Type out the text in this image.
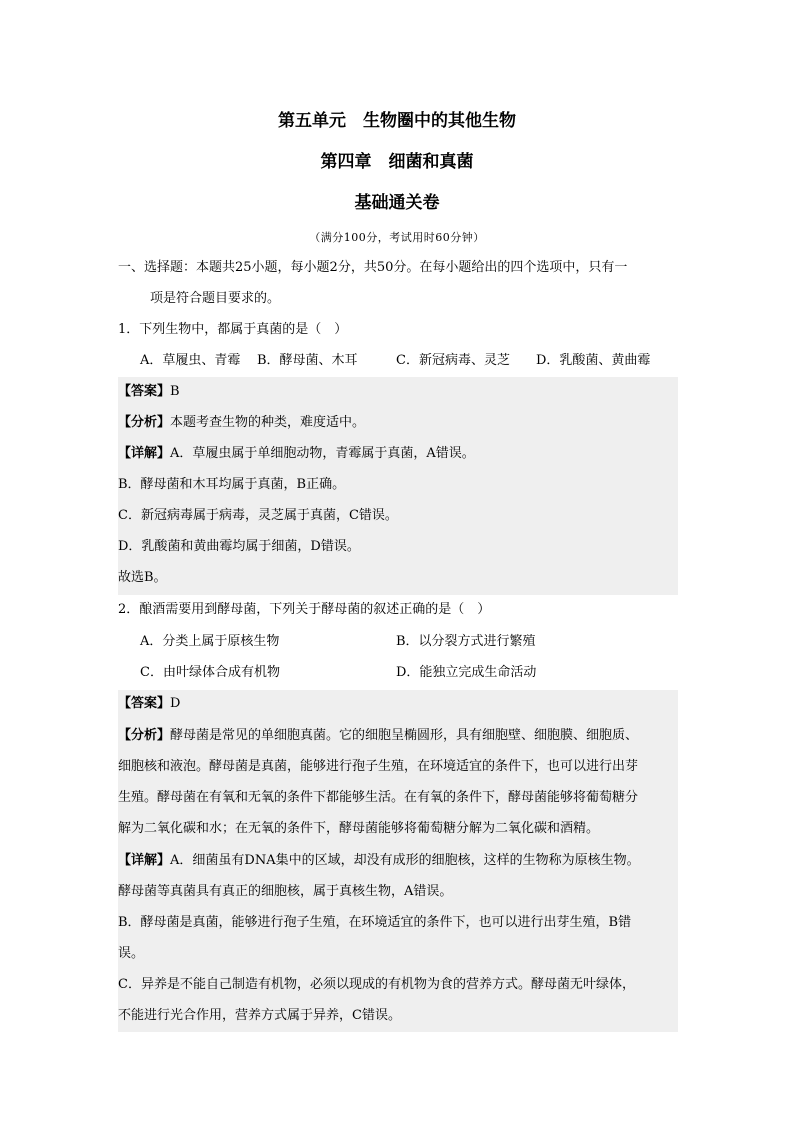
第五单元　生物圈中的其他生物
第四章　细菌和真菌
基础通关卷
（满分100分，考试用时60分钟）
一、选择题：本题共25小题，每小题2分，共50分。在每小题给出的四个选项中，只有一
项是符合题目要求的。
1．下列生物中，都属于真菌的是（　）
A．草履虫、青霉 B．酵母菌、木耳	C．新冠病毒、灵芝 D．乳酸菌、黄曲霉
【答案】B
【分析】本题考查生物的种类，难度适中。
【详解】A．草履虫属于单细胞动物，青霉属于真菌，A错误。
B．酵母菌和木耳均属于真菌，B正确。
C．新冠病毒属于病毒，灵芝属于真菌，C错误。
D．乳酸菌和黄曲霉均属于细菌，D错误。
故选B。
2．酿酒需要用到酵母菌，下列关于酵母菌的叙述正确的是（　）
A．分类上属于原核生物	B．以分裂方式进行繁殖
C．由叶绿体合成有机物	D．能独立完成生命活动
【答案】D
【分析】酵母菌是常见的单细胞真菌。它的细胞呈椭圆形，具有细胞壁、细胞膜、细胞质、
细胞核和液泡。酵母菌是真菌，能够进行孢子生殖，在环境适宜的条件下，也可以进行出芽
生殖。酵母菌在有氧和无氧的条件下都能够生活。在有氧的条件下，酵母菌能够将葡萄糖分
解为二氧化碳和水；在无氧的条件下，酵母菌能够将葡萄糖分解为二氧化碳和酒精。
【详解】A．细菌虽有DNA集中的区域，却没有成形的细胞核，这样的生物称为原核生物。
酵母菌等真菌具有真正的细胞核，属于真核生物，A错误。
B．酵母菌是真菌，能够进行孢子生殖，在环境适宜的条件下，也可以进行出芽生殖，B错
误。
C．异养是不能自己制造有机物，必须以现成的有机物为食的营养方式。酵母菌无叶绿体，
不能进行光合作用，营养方式属于异养，C错误。
